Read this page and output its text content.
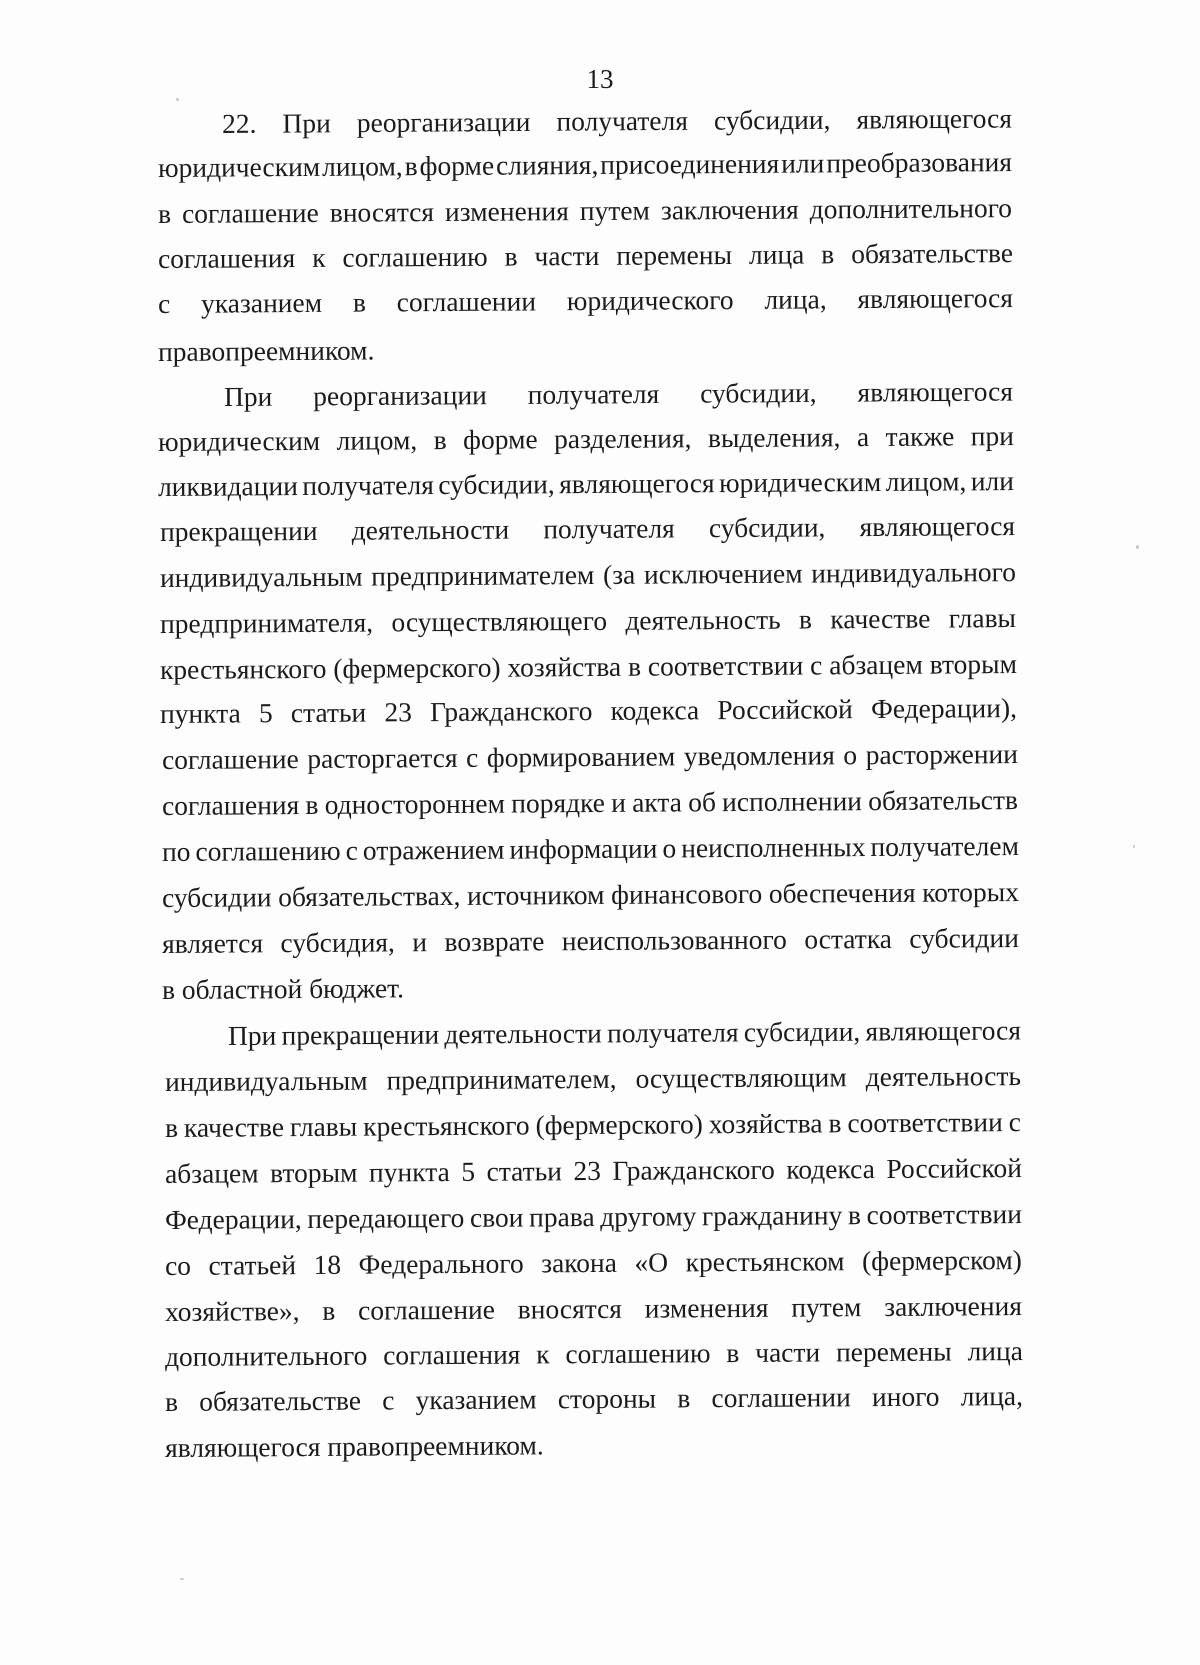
13
22. При реорганизации получателя субсидии, являющегося
юридическим лицом, в форме слияния, присоединения или преобразования
в соглашение вносятся изменения путем заключения дополнительного
соглашения к соглашению в части перемены лица в обязательстве
с указанием в соглашении юридического лица, являющегося
правопреемником.
При реорганизации получателя субсидии, являющегося
юридическим лицом, в форме разделения, выделения, а также при
ликвидации получателя субсидии, являющегося юридическим лицом, или
прекращении деятельности получателя субсидии, являющегося
индивидуальным предпринимателем (за исключением индивидуального
предпринимателя, осуществляющего деятельность в качестве главы
крестьянского (фермерского) хозяйства в соответствии с абзацем вторым
пункта 5 статьи 23 Гражданского кодекса Российской Федерации),
соглашение расторгается с формированием уведомления о расторжении
соглашения в одностороннем порядке и акта об исполнении обязательств
по соглашению с отражением информации о неисполненных получателем
субсидии обязательствах, источником финансового обеспечения которых
является субсидия, и возврате неиспользованного остатка субсидии
в областной бюджет.
При прекращении деятельности получателя субсидии, являющегося
индивидуальным предпринимателем, осуществляющим деятельность
в качестве главы крестьянского (фермерского) хозяйства в соответствии с
абзацем вторым пункта 5 статьи 23 Гражданского кодекса Российской
Федерации, передающего свои права другому гражданину в соответствии
со статьей 18 Федерального закона «О крестьянском (фермерском)
хозяйстве», в соглашение вносятся изменения путем заключения
дополнительного соглашения к соглашению в части перемены лица
в обязательстве с указанием стороны в соглашении иного лица,
являющегося правопреемником.
